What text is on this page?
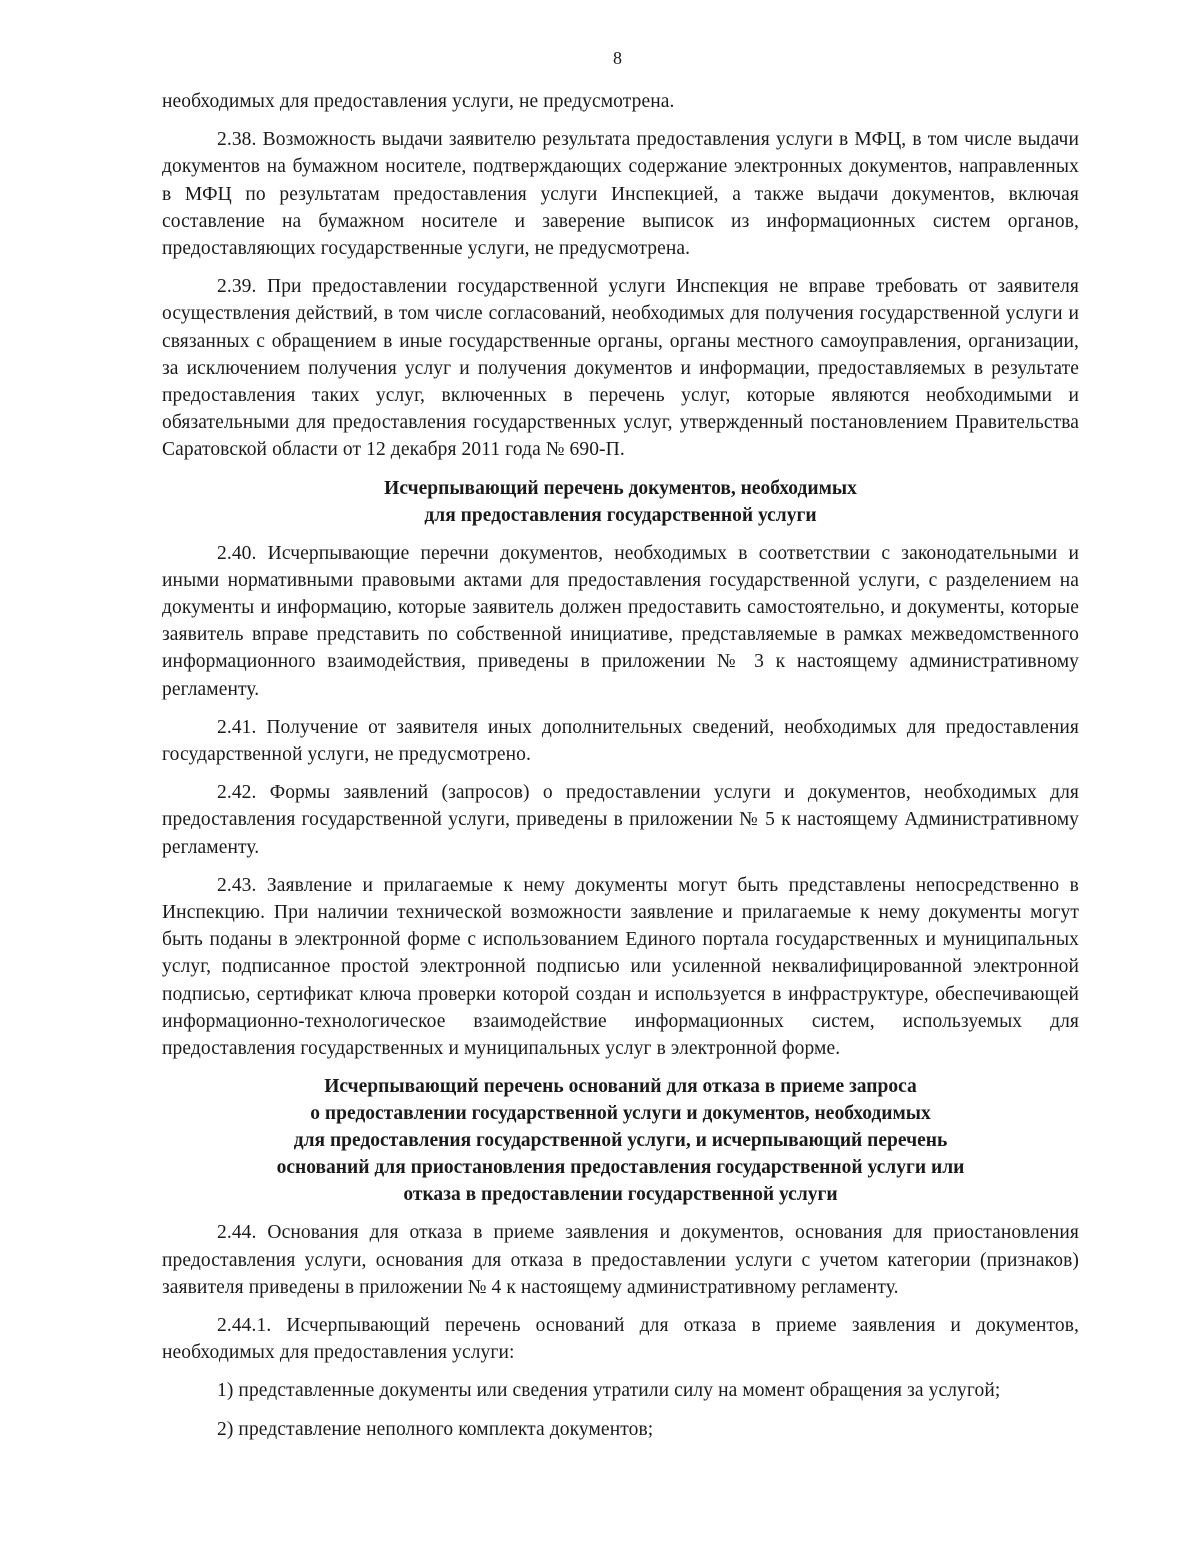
8

необходимых для предоставления услуги, не предусмотрена.

2.38. Возможность выдачи заявителю результата предоставления услуги в МФЦ, в том числе выдачи документов на бумажном носителе, подтверждающих содержание электронных документов, направленных в МФЦ по результатам предоставления услуги Инспекцией, а также выдачи документов, включая составление на бумажном носителе и заверение выписок из информационных систем органов, предоставляющих государственные услуги, не предусмотрена.

2.39. При предоставлении государственной услуги Инспекция не вправе требовать от заявителя осуществления действий, в том числе согласований, необходимых для получения государственной услуги и связанных с обращением в иные государственные органы, органы местного самоуправления, организации, за исключением получения услуг и получения документов и информации, предоставляемых в результате предоставления таких услуг, включенных в перечень услуг, которые являются необходимыми и обязательными для предоставления государственных услуг, утвержденный постановлением Правительства Саратовской области от 12 декабря 2011 года № 690-П.

Исчерпывающий перечень документов, необходимых
для предоставления государственной услуги

2.40. Исчерпывающие перечни документов, необходимых в соответствии с законодательными и иными нормативными правовыми актами для предоставления государственной услуги, с разделением на документы и информацию, которые заявитель должен предоставить самостоятельно, и документы, которые заявитель вправе представить по собственной инициативе, представляемые в рамках межведомственного информационного взаимодействия, приведены в приложении № 3 к настоящему административному регламенту.

2.41. Получение от заявителя иных дополнительных сведений, необходимых для предоставления государственной услуги, не предусмотрено.

2.42. Формы заявлений (запросов) о предоставлении услуги и документов, необходимых для предоставления государственной услуги, приведены в приложении № 5 к настоящему Административному регламенту.

2.43. Заявление и прилагаемые к нему документы могут быть представлены непосредственно в Инспекцию. При наличии технической возможности заявление и прилагаемые к нему документы могут быть поданы в электронной форме с использованием Единого портала государственных и муниципальных услуг, подписанное простой электронной подписью или усиленной неквалифицированной электронной подписью, сертификат ключа проверки которой создан и используется в инфраструктуре, обеспечивающей информационно-технологическое взаимодействие информационных систем, используемых для предоставления государственных и муниципальных услуг в электронной форме.

Исчерпывающий перечень оснований для отказа в приеме запроса
о предоставлении государственной услуги и документов, необходимых
для предоставления государственной услуги, и исчерпывающий перечень
оснований для приостановления предоставления государственной услуги или
отказа в предоставлении государственной услуги

2.44. Основания для отказа в приеме заявления и документов, основания для приостановления предоставления услуги, основания для отказа в предоставлении услуги с учетом категории (признаков) заявителя приведены в приложении № 4 к настоящему административному регламенту.

2.44.1. Исчерпывающий перечень оснований для отказа в приеме заявления и документов, необходимых для предоставления услуги:

1) представленные документы или сведения утратили силу на момент обращения за услугой;

2) представление неполного комплекта документов;
